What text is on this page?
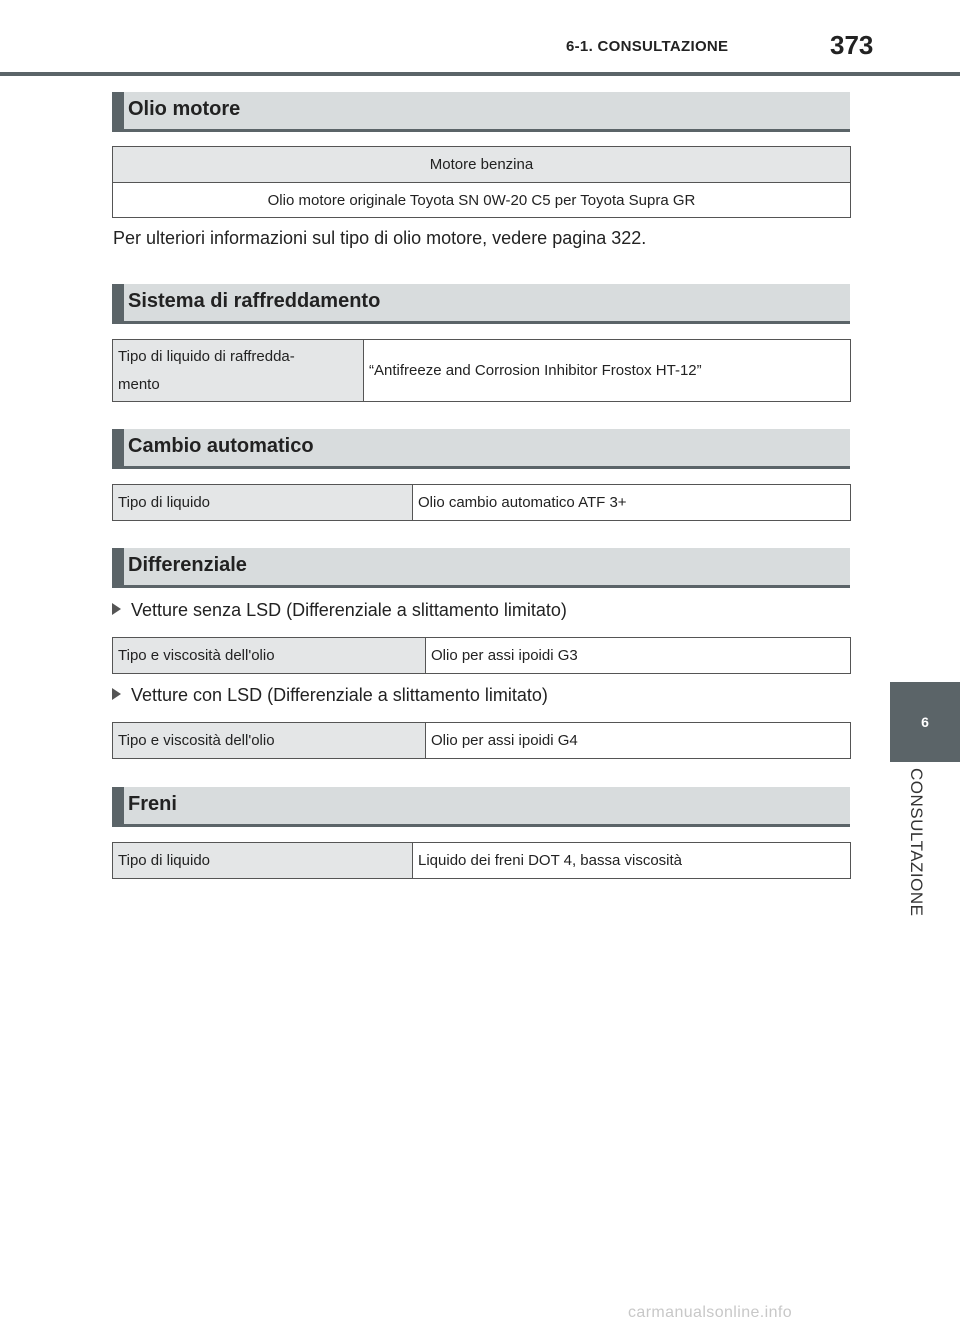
6-1. CONSULTAZIONE	373
6
CONSULTAZIONE
Olio motore
Motore benzina
Olio motore originale Toyota SN 0W-20 C5 per Toyota Supra GR
Per ulteriori informazioni sul tipo di olio motore, vedere pagina 322.
Sistema di raffreddamento
Tipo di liquido di raffredda-
mento	“Antifreeze and Corrosion Inhibitor Frostox HT-12”
Cambio automatico
Tipo di liquido	Olio cambio automatico ATF 3+
Differenziale
Vetture senza LSD (Differenziale a slittamento limitato)
Tipo e viscosità dell'olio	Olio per assi ipoidi G3
Vetture con LSD (Differenziale a slittamento limitato)
Tipo e viscosità dell'olio	Olio per assi ipoidi G4
Freni
Tipo di liquido	Liquido dei freni DOT 4, bassa viscosità
carmanualsonline.info
